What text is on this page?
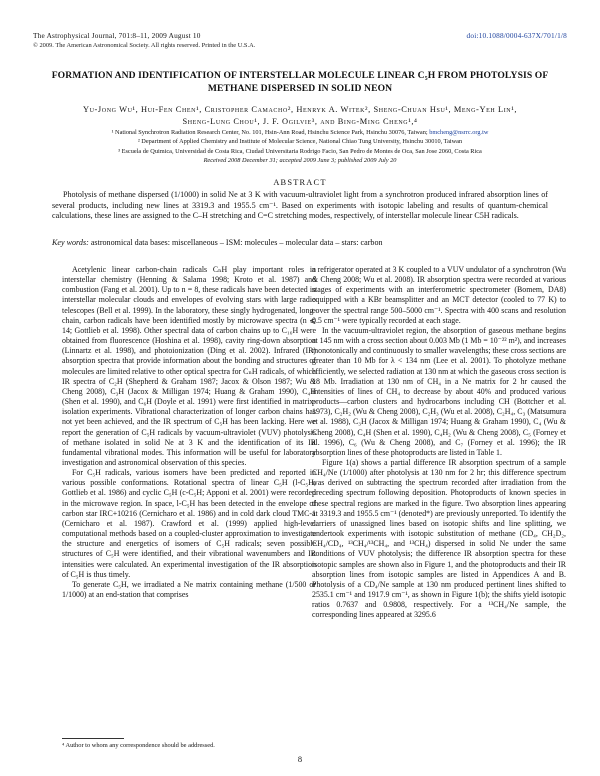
The Astrophysical Journal, 701:8–11, 2009 August 10	doi:10.1088/0004-637X/701/1/8
© 2009. The American Astronomical Society. All rights reserved. Printed in the U.S.A.
FORMATION AND IDENTIFICATION OF INTERSTELLAR MOLECULE LINEAR C₅H FROM PHOTOLYSIS OF
METHANE DISPERSED IN SOLID NEON
Yu-Jong Wu¹, Hui-Fen Chen¹, Cristopher Camacho², Henryk A. Witek², Sheng-Chuan Hsu¹, Meng-Yeh Lin¹,
Sheng-Lung Chou¹, J. F. Ogilvie³, and Bing-Ming Cheng¹,⁴
¹ National Synchrotron Radiation Research Center, No. 101, Hsin-Ann Road, Hsinchu Science Park, Hsinchu 30076, Taiwan; bmcheng@nsrrc.org.tw
² Department of Applied Chemistry and Institute of Molecular Science, National Chiao Tung University, Hsinchu 30010, Taiwan
³ Escuela de Quimica, Universidad de Costa Rica, Ciudad Universitaria Rodrigo Facio, San Pedro de Montes de Oca, San Jose 2060, Costa Rica
Received 2008 December 31; accepted 2009 June 3; published 2009 July 20
ABSTRACT
Photolysis of methane dispersed (1/1000) in solid Ne at 3 K with vacuum-ultraviolet light from a synchrotron produced infrared absorption lines of several products, including new lines at 3319.3 and 1955.5 cm⁻¹. Based on experiments with isotopic labeling and results of quantum-chemical calculations, these lines are assigned to the C–H stretching and C=C stretching modes, respectively, of interstellar molecule linear C5H radicals.
Key words: astronomical data bases: miscellaneous – ISM: molecules – molecular data – stars: carbon

Acetylenic linear carbon-chain radicals CₙH play important roles in interstellar chemistry (Henning & Salama 1998; Kroto et al. 1987) and combustion (Fang et al. 2001). Up to n = 8, these radicals have been detected in interstellar molecular clouds and envelopes of evolving stars with large radio telescopes (Bell et al. 1999). In the laboratory, these singly hydrogenated, long-chain, carbon radicals have been identified mostly by microwave spectra (n ⩽ 14; Gottlieb et al. 1998). Other spectral data of carbon chains up to C₁₆H were obtained from fluorescence (Hoshina et al. 1998), cavity ring-down absorption (Linnartz et al. 1998), and photoionization (Ding et al. 2002). Infrared (IR) absorption spectra that provide information about the bonding and structures of molecules are limited relative to other optical spectra for CₙH radicals, of which IR spectra of C₂H (Shepherd & Graham 1987; Jacox & Olson 1987; Wu & Cheng 2008), C₃H (Jacox & Milligan 1974; Huang & Graham 1990), C₄H (Shen et al. 1990), and C₆H (Doyle et al. 1991) were first identified in matrix-isolation experiments. Vibrational characterization of longer carbon chains has not yet been achieved, and the IR spectrum of C₅H has been lacking. Here we report the generation of C₅H radicals by vacuum-ultraviolet (VUV) photolysis of methane isolated in solid Ne at 3 K and the identification of its IR fundamental vibrational modes. This information will be useful for laboratory investigation and astronomical observation of this species.

For C₅H radicals, various isomers have been predicted and reported in various possible conformations. Rotational spectra of linear C₅H (l-C₅H; Gottlieb et al. 1986) and cyclic C₅H (c-C₅H; Apponi et al. 2001) were recorded in the microwave region. In space, l-C₅H has been detected in the envelope of carbon star IRC+10216 (Cernicharo et al. 1986) and in cold dark cloud TMC-1 (Cernicharo et al. 1987). Crawford et al. (1999) applied high-level computational methods based on a coupled-cluster approximation to investigate the structure and energetics of isomers of C₅H radicals; seven possible structures of C₅H were identified, and their vibrational wavenumbers and IR intensities were calculated. An experimental investigation of the IR absorption of C₅H is thus timely.

To generate C₅H, we irradiated a Ne matrix containing methane (1/500 or 1/1000) at an end-station that comprises

a refrigerator operated at 3 K coupled to a VUV undulator of a synchrotron (Wu & Cheng 2008; Wu et al. 2008). IR absorption spectra were recorded at various stages of experiments with an interferometric spectrometer (Bomem, DA8) equipped with a KBr beamsplitter and an MCT detector (cooled to 77 K) to cover the spectral range 500–5000 cm⁻¹. Spectra with 400 scans and resolution 0.5 cm⁻¹ were typically recorded at each stage.

In the vacuum-ultraviolet region, the absorption of gaseous methane begins at 145 nm with a cross section about 0.003 Mb (1 Mb = 10⁻²² m²), and increases monotonically and continuously to smaller wavelengths; these cross sections are greater than 10 Mb for λ < 134 nm (Lee et al. 2001). To photolyze methane efficiently, we selected radiation at 130 nm at which the gaseous cross section is 18 Mb. Irradiation at 130 nm of CH₄ in a Ne matrix for 2 hr caused the intensities of lines of CH₄ to decrease by about 40% and produced various products—carbon clusters and hydrocarbons including CH (Bottcher et al. 1973), C₂H₂ (Wu & Cheng 2008), C₂H₃ (Wu et al. 2008), C₂H₄, C₃ (Matsumura et al. 1988), C₃H (Jacox & Milligan 1974; Huang & Graham 1990), C₄ (Wu & Cheng 2008), C₄H (Shen et al. 1990), C₄H₂ (Wu & Cheng 2008), C₅ (Forney et al. 1996), C₆ (Wu & Cheng 2008), and C₇ (Forney et al. 1996); the IR absorption lines of these photoproducts are listed in Table 1.

Figure 1(a) shows a partial difference IR absorption spectrum of a sample CH₄/Ne (1/1000) after photolysis at 130 nm for 2 hr; this difference spectrum was derived on subtracting the spectrum recorded after irradiation from the preceding spectrum following deposition. Photoproducts of known species in these spectral regions are marked in the figure. Two absorption lines appearing at 3319.3 and 1955.5 cm⁻¹ (denoted*) are previously unreported. To identify the carriers of unassigned lines based on isotopic shifts and line splitting, we undertook experiments with isotopic substitution of methane (CD₄, CH₂D₂, CH₄/CD₄, ¹³CH₄/¹³CH₄, and ¹³CH₄) dispersed in solid Ne under the same conditions of VUV photolysis; the difference IR absorption spectra for these isotopic samples are shown also in Figure 1, and the photoproducts and their IR absorption lines from isotopic samples are listed in Appendices A and B. Photolysis of a CD₄/Ne sample at 130 nm produced pertinent lines shifted to 2535.1 cm⁻¹ and 1917.9 cm⁻¹, as shown in Figure 1(b); the shifts yield isotopic ratios 0.7637 and 0.9808, respectively. For a ¹³CH₄/Ne sample, the corresponding lines appeared at 3295.6

⁴ Author to whom any correspondence should be addressed.
8
